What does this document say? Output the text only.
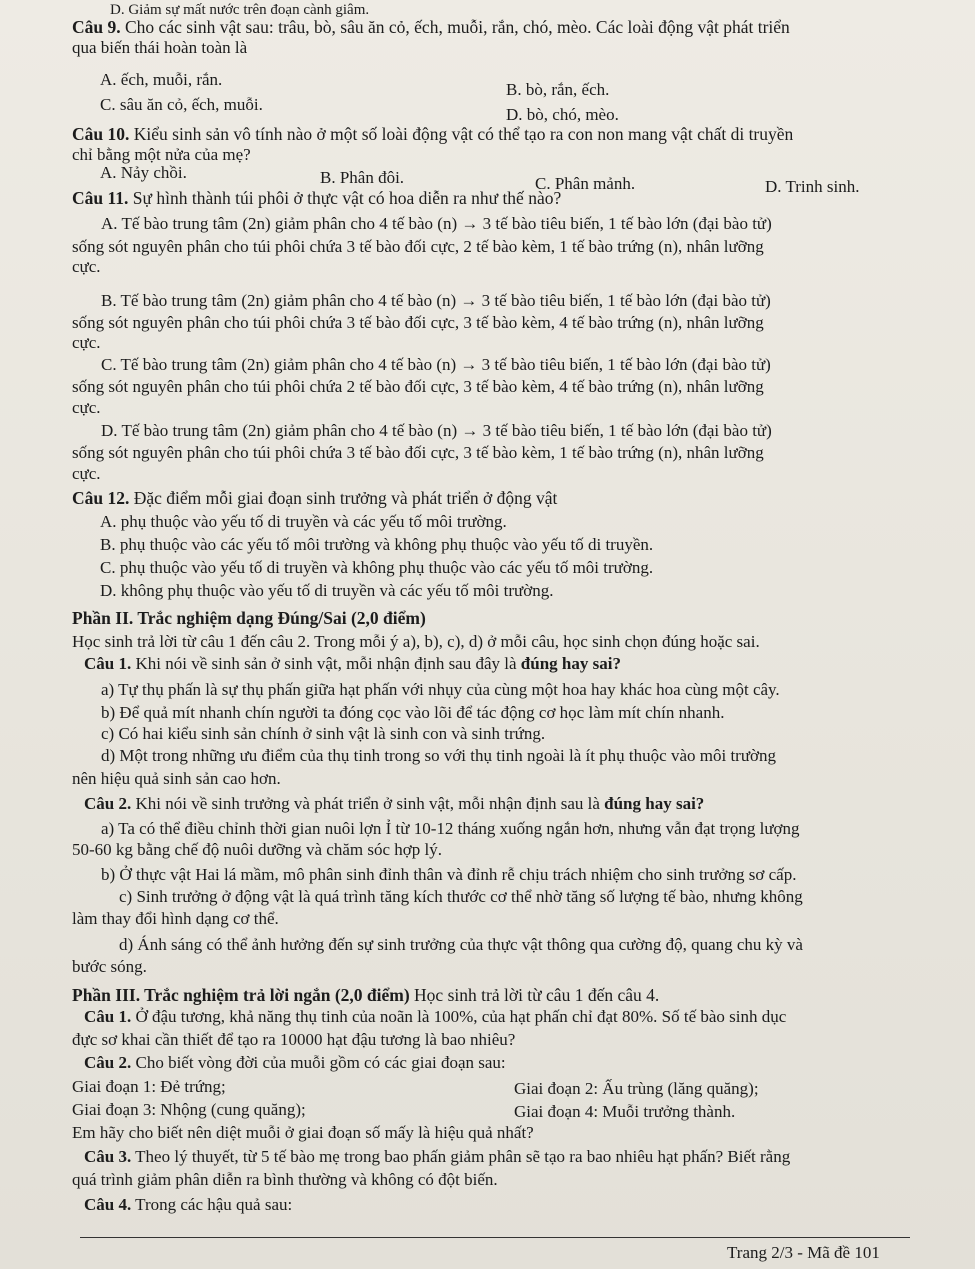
D. Giảm sự mất nước trên đoạn cành giâm.
Câu 9. Cho các sinh vật sau: trâu, bò, sâu ăn cỏ, ếch, muỗi, rắn, chó, mèo. Các loài động vật phát triển
qua biến thái hoàn toàn là
A. ếch, muỗi, rắn.
B. bò, rắn, ếch.
C. sâu ăn cỏ, ếch, muỗi.
D. bò, chó, mèo.
Câu 10. Kiểu sinh sản vô tính nào ở một số loài động vật có thể tạo ra con non mang vật chất di truyền
chỉ bằng một nửa của mẹ?
A. Nảy chồi.	B. Phân đôi.	C. Phân mảnh.	D. Trinh sinh.
Câu 11. Sự hình thành túi phôi ở thực vật có hoa diễn ra như thế nào?
A. Tế bào trung tâm (2n) giảm phân cho 4 tế bào (n) → 3 tế bào tiêu biến, 1 tế bào lớn (đại bào tử)
sống sót nguyên phân cho túi phôi chứa 3 tế bào đối cực, 2 tế bào kèm, 1 tế bào trứng (n), nhân lưỡng
cực.
B. Tế bào trung tâm (2n) giảm phân cho 4 tế bào (n) → 3 tế bào tiêu biến, 1 tế bào lớn (đại bào tử)
sống sót nguyên phân cho túi phôi chứa 3 tế bào đối cực, 3 tế bào kèm, 4 tế bào trứng (n), nhân lưỡng
cực.
C. Tế bào trung tâm (2n) giảm phân cho 4 tế bào (n) → 3 tế bào tiêu biến, 1 tế bào lớn (đại bào tử)
sống sót nguyên phân cho túi phôi chứa 2 tế bào đối cực, 3 tế bào kèm, 4 tế bào trứng (n), nhân lưỡng
cực.
D. Tế bào trung tâm (2n) giảm phân cho 4 tế bào (n) → 3 tế bào tiêu biến, 1 tế bào lớn (đại bào tử)
sống sót nguyên phân cho túi phôi chứa 3 tế bào đối cực, 3 tế bào kèm, 1 tế bào trứng (n), nhân lưỡng
cực.
Câu 12. Đặc điểm mỗi giai đoạn sinh trưởng và phát triển ở động vật
A. phụ thuộc vào yếu tố di truyền và các yếu tố môi trường.
B. phụ thuộc vào các yếu tố môi trường và không phụ thuộc vào yếu tố di truyền.
C. phụ thuộc vào yếu tố di truyền và không phụ thuộc vào các yếu tố môi trường.
D. không phụ thuộc vào yếu tố di truyền và các yếu tố môi trường.
Phần II. Trắc nghiệm dạng Đúng/Sai (2,0 điểm)
Học sinh trả lời từ câu 1 đến câu 2. Trong mỗi ý a), b), c), d) ở mỗi câu, học sinh chọn đúng hoặc sai.
Câu 1. Khi nói về sinh sản ở sinh vật, mỗi nhận định sau đây là đúng hay sai?
a) Tự thụ phấn là sự thụ phấn giữa hạt phấn với nhụy của cùng một hoa hay khác hoa cùng một cây.
b) Để quả mít nhanh chín người ta đóng cọc vào lõi để tác động cơ học làm mít chín nhanh.
c) Có hai kiểu sinh sản chính ở sinh vật là sinh con và sinh trứng.
d) Một trong những ưu điểm của thụ tinh trong so với thụ tinh ngoài là ít phụ thuộc vào môi trường
nên hiệu quả sinh sản cao hơn.
Câu 2. Khi nói về sinh trưởng và phát triển ở sinh vật, mỗi nhận định sau là đúng hay sai?
a) Ta có thể điều chỉnh thời gian nuôi lợn Ỉ từ 10-12 tháng xuống ngắn hơn, nhưng vẫn đạt trọng lượng
50-60 kg bằng chế độ nuôi dưỡng và chăm sóc hợp lý.
b) Ở thực vật Hai lá mầm, mô phân sinh đỉnh thân và đỉnh rễ chịu trách nhiệm cho sinh trưởng sơ cấp.
c) Sinh trưởng ở động vật là quá trình tăng kích thước cơ thể nhờ tăng số lượng tế bào, nhưng không
làm thay đổi hình dạng cơ thể.
d) Ánh sáng có thể ảnh hưởng đến sự sinh trưởng của thực vật thông qua cường độ, quang chu kỳ và
bước sóng.
Phần III. Trắc nghiệm trả lời ngắn (2,0 điểm) Học sinh trả lời từ câu 1 đến câu 4.
Câu 1. Ở đậu tương, khả năng thụ tinh của noãn là 100%, của hạt phấn chỉ đạt 80%. Số tế bào sinh dục
đực sơ khai cần thiết để tạo ra 10000 hạt đậu tương là bao nhiêu?
Câu 2. Cho biết vòng đời của muỗi gồm có các giai đoạn sau:
Giai đoạn 1: Đẻ trứng;	Giai đoạn 2: Ấu trùng (lăng quăng);
Giai đoạn 3: Nhộng (cung quăng);	Giai đoạn 4: Muỗi trưởng thành.
Em hãy cho biết nên diệt muỗi ở giai đoạn số mấy là hiệu quả nhất?
Câu 3. Theo lý thuyết, từ 5 tế bào mẹ trong bao phấn giảm phân sẽ tạo ra bao nhiêu hạt phấn? Biết rằng
quá trình giảm phân diễn ra bình thường và không có đột biến.
Câu 4. Trong các hậu quả sau:
Trang 2/3 - Mã đề 101
